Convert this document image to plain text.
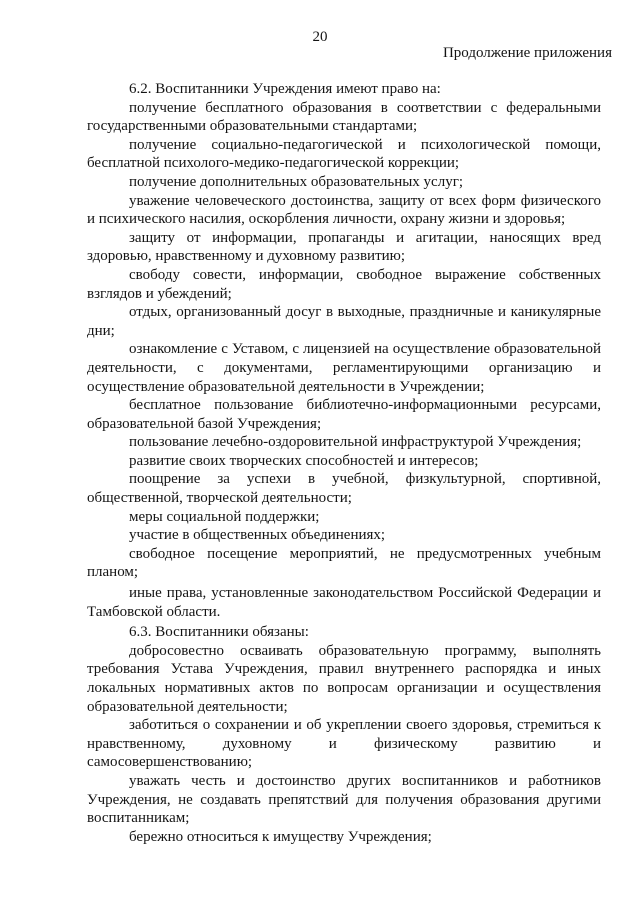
20
Продолжение приложения

6.2. Воспитанники Учреждения имеют право на:

получение бесплатного образования в соответствии с федеральными государственными образовательными стандартами;

получение социально-педагогической и психологической помощи, бесплатной психолого-медико-педагогической коррекции;

получение дополнительных образовательных услуг;

уважение человеческого достоинства, защиту от всех форм физического и психического насилия, оскорбления личности, охрану жизни и здоровья;

защиту от информации, пропаганды и агитации, наносящих вред здоровью, нравственному и духовному развитию;

свободу совести, информации, свободное выражение собственных взглядов и убеждений;

отдых, организованный досуг в выходные, праздничные и каникулярные дни;

ознакомление с Уставом, с лицензией на осуществление образовательной деятельности, с документами, регламентирующими организацию и осуществление образовательной деятельности в Учреждении;

бесплатное пользование библиотечно-информационными ресурсами, образовательной базой Учреждения;

пользование лечебно-оздоровительной инфраструктурой Учреждения;

развитие своих творческих способностей и интересов;

поощрение за успехи в учебной, физкультурной, спортивной, общественной, творческой деятельности;

меры социальной поддержки;

участие в общественных объединениях;

свободное посещение мероприятий, не предусмотренных учебным планом;

иные права, установленные законодательством Российской Федерации и Тамбовской области.

6.3. Воспитанники обязаны:

добросовестно осваивать образовательную программу, выполнять требования Устава Учреждения, правил внутреннего распорядка и иных локальных нормативных актов по вопросам организации и осуществления образовательной деятельности;

заботиться о сохранении и об укреплении своего здоровья, стремиться к нравственному, духовному и физическому развитию и самосовершенствованию;

уважать честь и достоинство других воспитанников и работников Учреждения, не создавать препятствий для получения образования другими воспитанникам;

бережно относиться к имуществу Учреждения;
